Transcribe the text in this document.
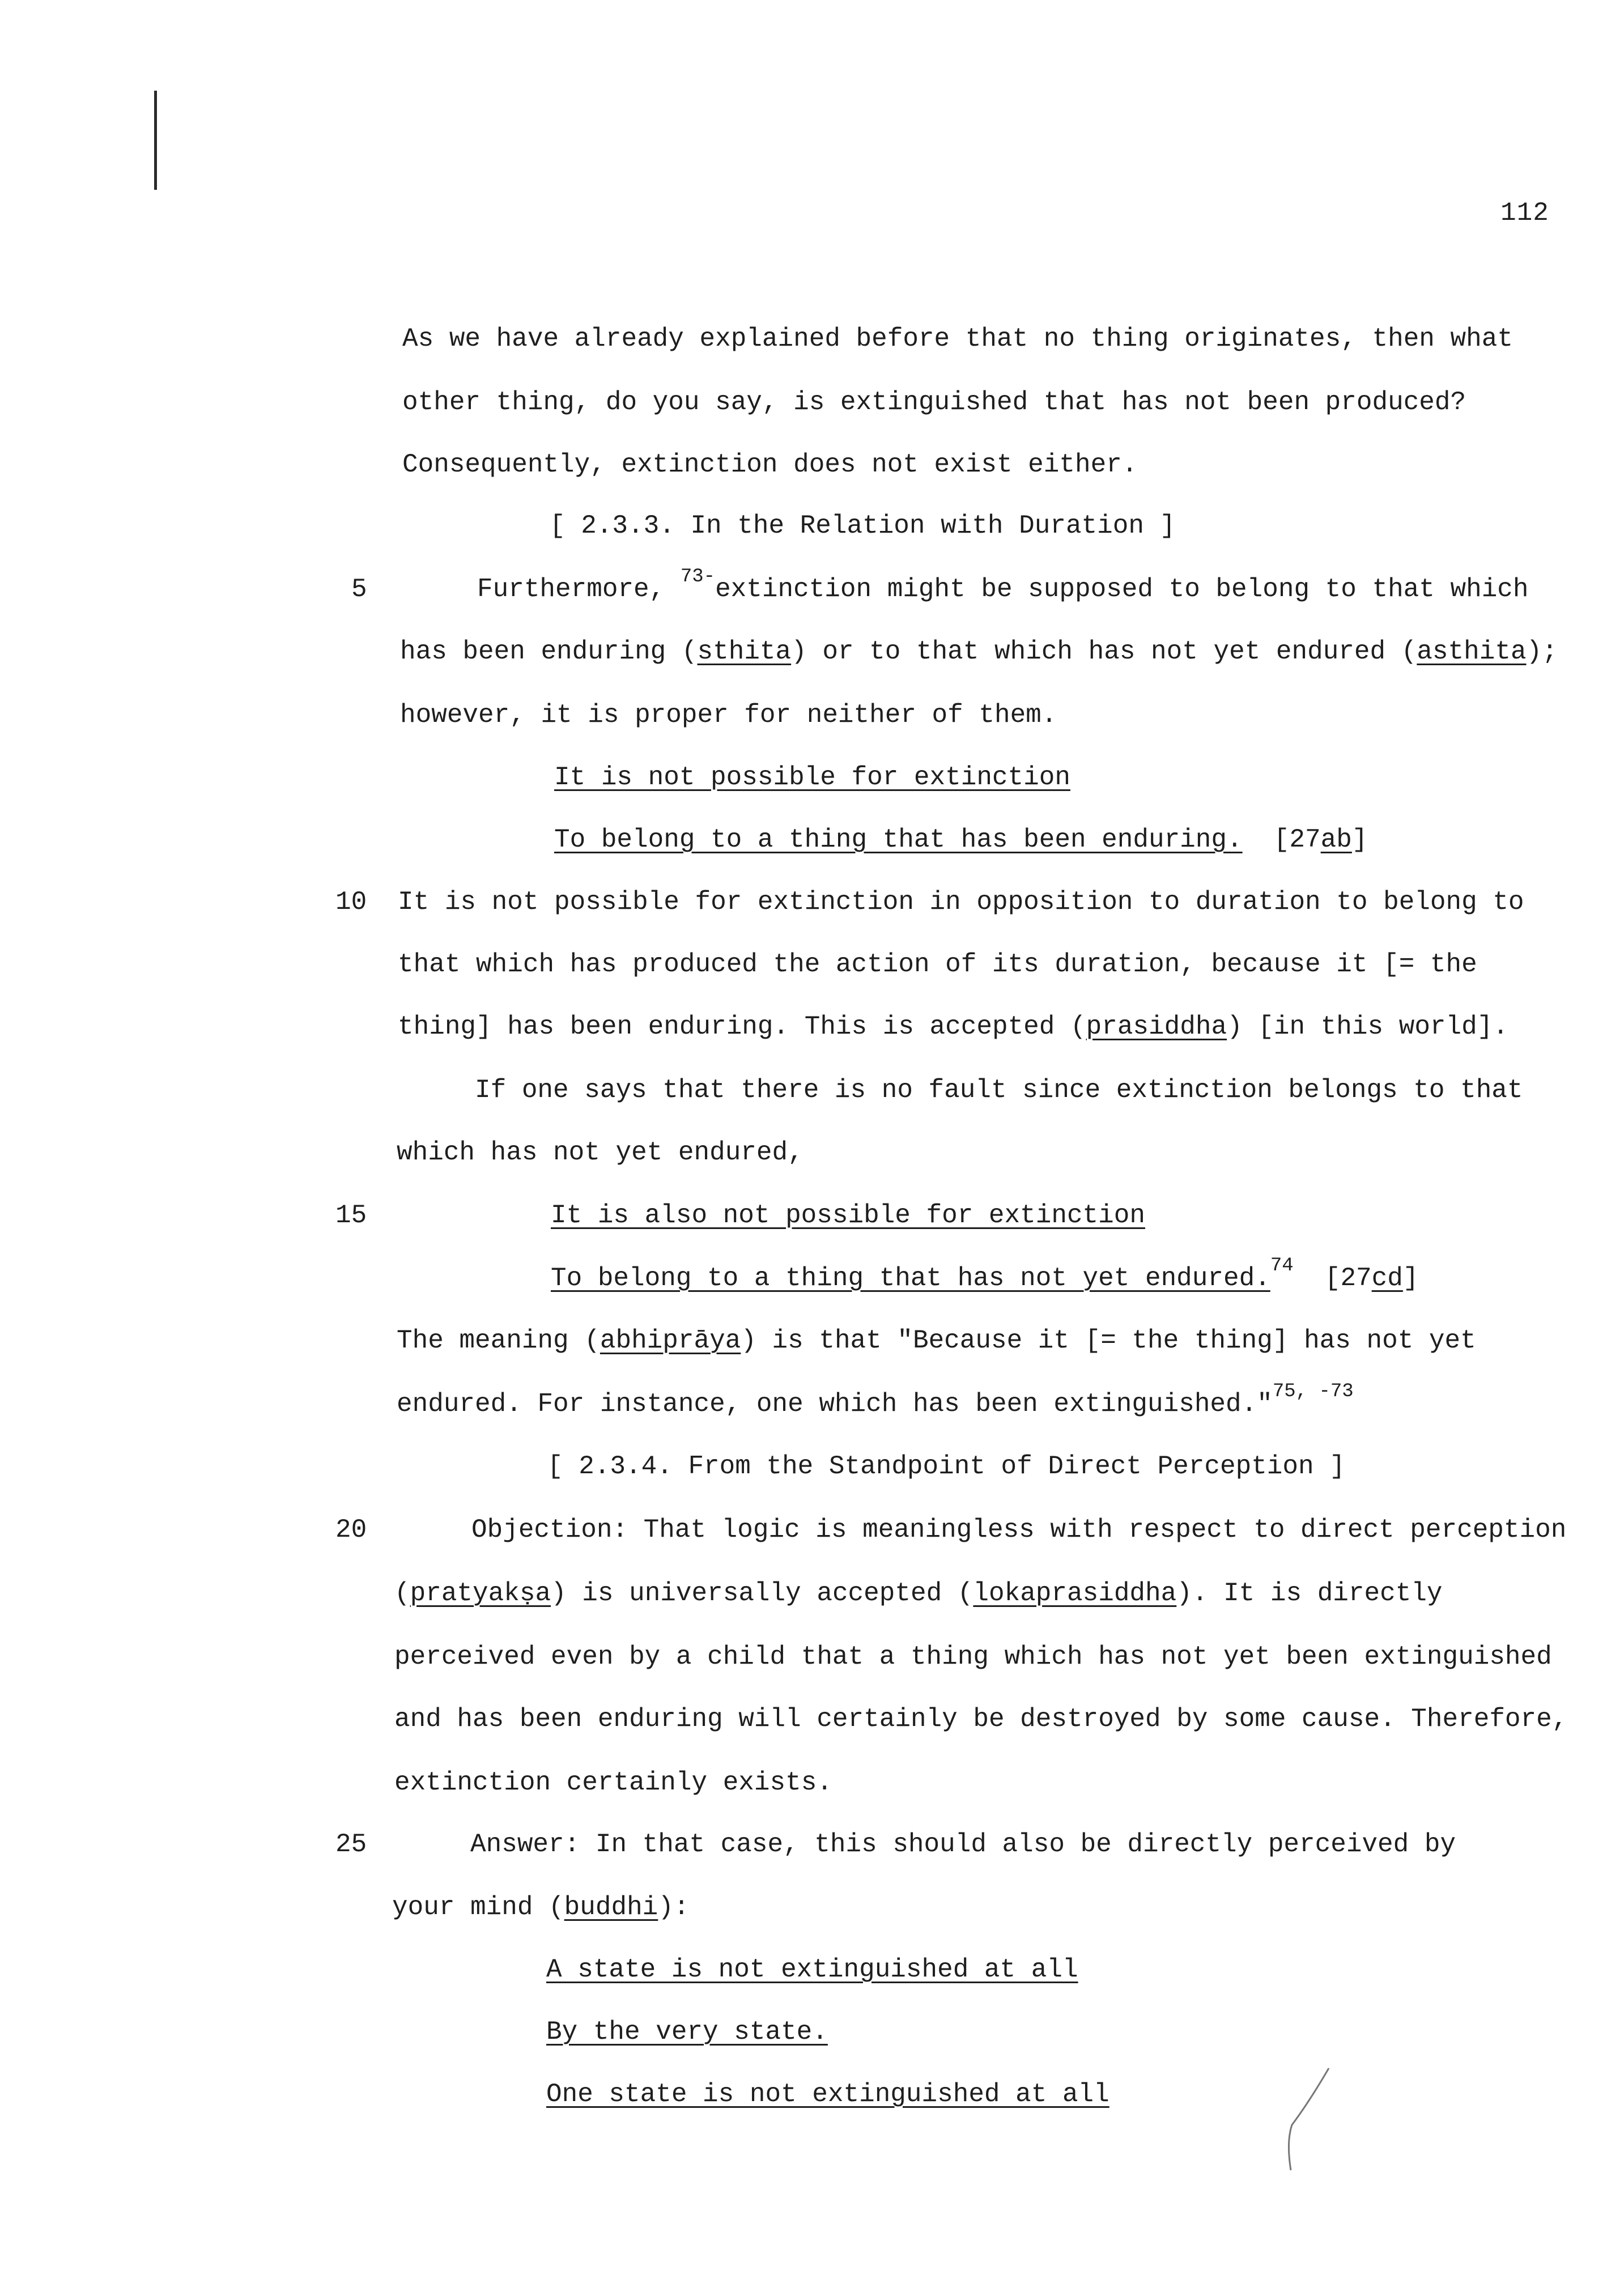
112
5
10
15
20
25
As we have already explained before that no thing originates, then what
other thing, do you say, is extinguished that has not been produced?
Consequently, extinction does not exist either.
[ 2.3.3. In the Relation with Duration ]
Furthermore, $^{73-}$extinction might be supposed to belong to that which
has been enduring (sthita) or to that which has not yet endured (asthita);
however, it is proper for neither of them.
It is not possible for extinction
To belong to a thing that has been enduring. [27ab]
It is not possible for extinction in opposition to duration to belong to
that which has produced the action of its duration, because it [= the
thing] has been enduring. This is accepted (prasiddha) [in this world].
If one says that there is no fault since extinction belongs to that
which has not yet endured,
It is also not possible for extinction
To belong to a thing that has not yet endured.$^{74}$ [27cd]
The meaning (abhiprāya) is that "Because it [= the thing] has not yet
endured. For instance, one which has been extinguished."$^{75, -73}$
[ 2.3.4. From the Standpoint of Direct Perception ]
Objection: That logic is meaningless with respect to direct perception
(pratyakṣa) is universally accepted (lokaprasiddha). It is directly
perceived even by a child that a thing which has not yet been extinguished
and has been enduring will certainly be destroyed by some cause. Therefore,
extinction certainly exists.
Answer: In that case, this should also be directly perceived by
your mind (buddhi):
A state is not extinguished at all
By the very state.
One state is not extinguished at all
